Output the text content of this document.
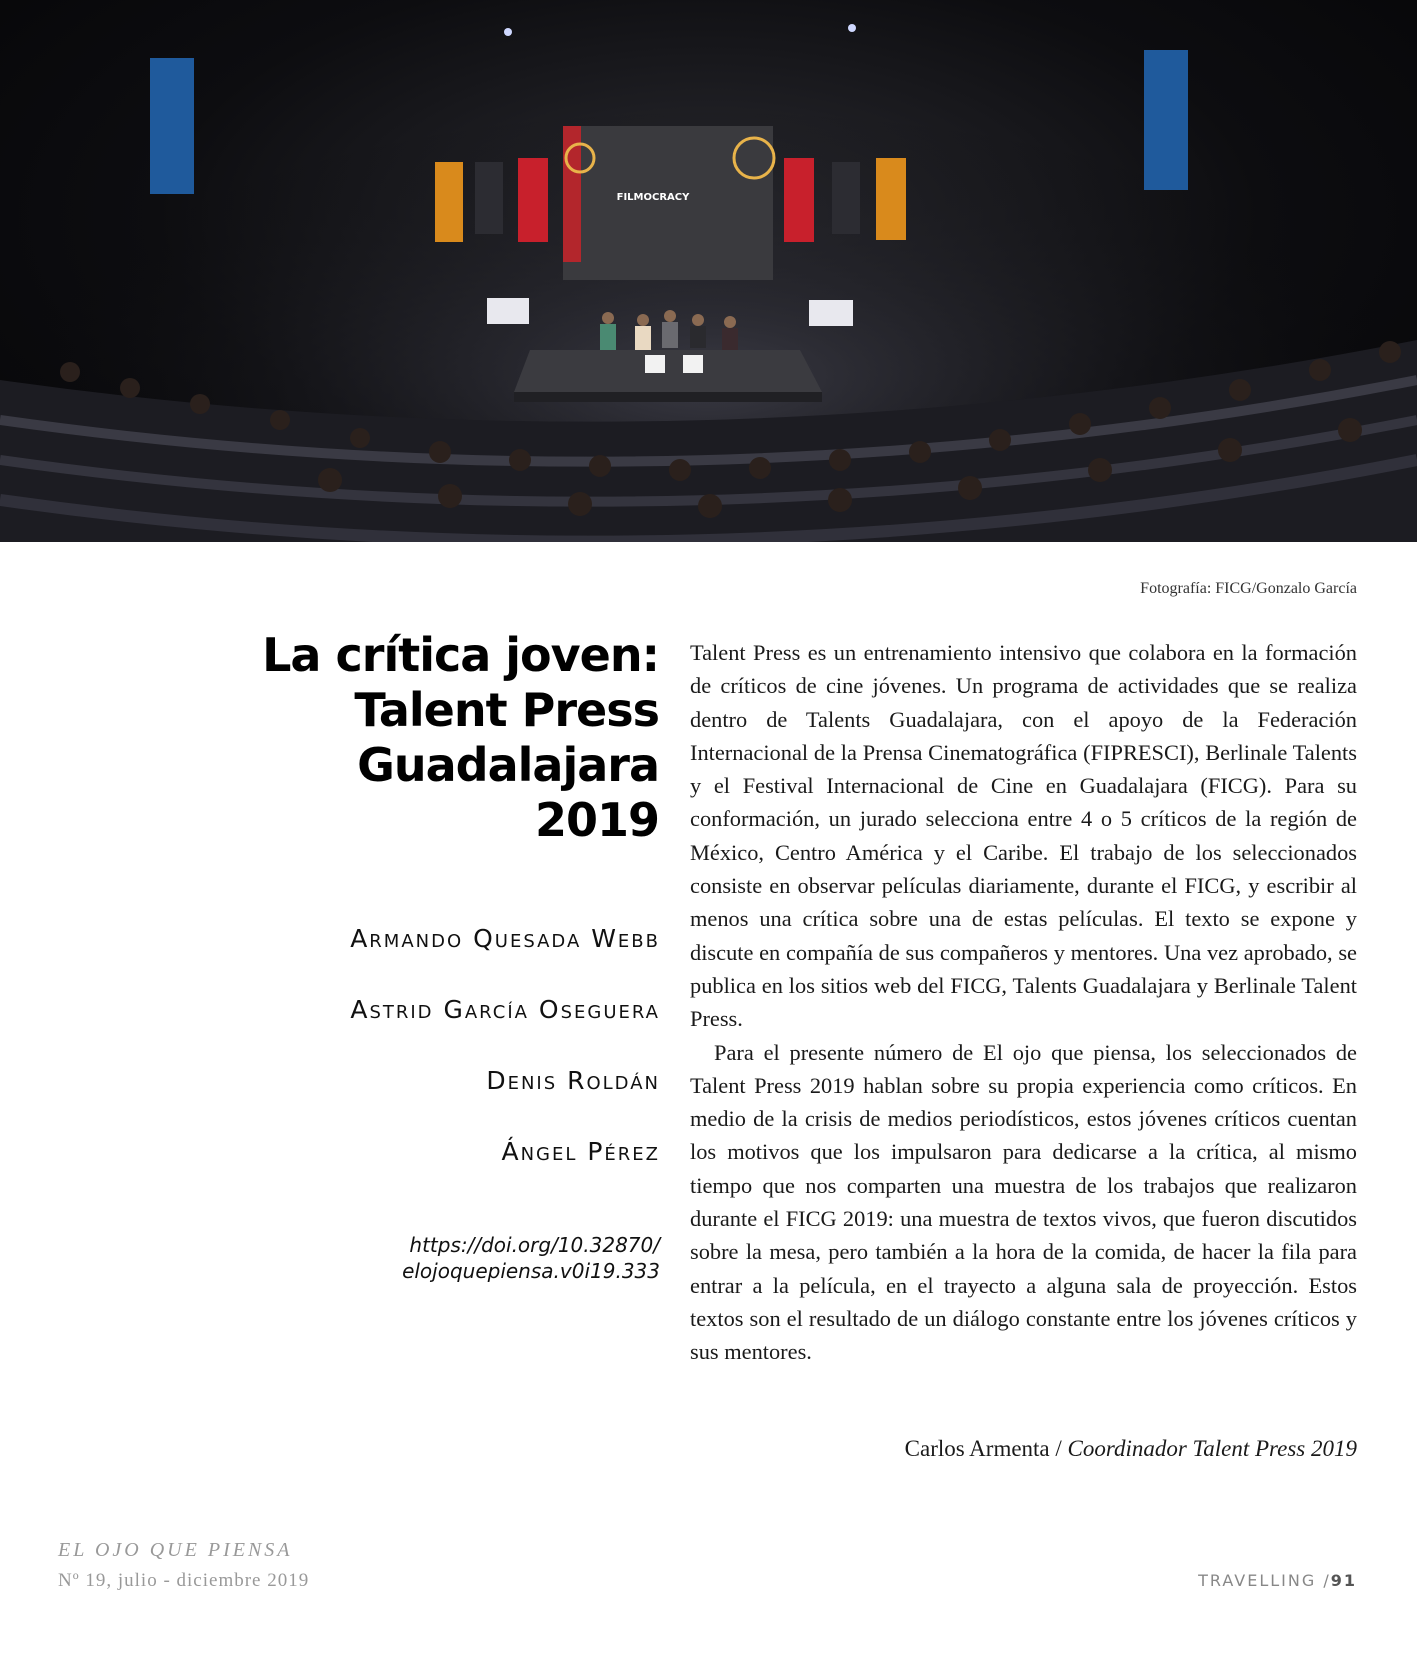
FILMOCRACY
Fotografía: FICG/Gonzalo García
La crítica joven:
Talent Press
Guadalajara
2019
Armando Quesada Webb
Astrid García Oseguera
Denis Roldán
Ángel Pérez
https://doi.org/10.32870/
elojoquepiensa.v0i19.333

Talent Press es un entrenamiento intensivo que colabora en la formación de críticos de cine jóvenes. Un programa de actividades que se realiza dentro de Talents Guadalajara, con el apoyo de la Federación Internacional de la Prensa Cinematográfica (FIPRESCI), Berlinale Talents y el Festival Internacional de Cine en Guadalajara (FICG). Para su conformación, un jurado selecciona entre 4 o 5 críticos de la región de México, Centro América y el Caribe. El trabajo de los seleccionados consiste en observar películas diariamente, durante el FICG, y escribir al menos una crítica sobre una de estas películas. El texto se expone y discute en compañía de sus compañeros y mentores. Una vez aprobado, se publica en los sitios web del FICG, Talents Guadalajara y Berlinale Talent Press.

Para el presente número de El ojo que piensa, los seleccionados de Talent Press 2019 hablan sobre su propia experiencia como críticos. En medio de la crisis de medios periodísticos, estos jóvenes críticos cuentan los motivos que los impulsaron para dedicarse a la crítica, al mismo tiempo que nos comparten una muestra de los trabajos que realizaron durante el FICG 2019: una muestra de textos vivos, que fueron discutidos sobre la mesa, pero también a la hora de la comida, de hacer la fila para entrar a la película, en el trayecto a alguna sala de proyección. Estos textos son el resultado de un diálogo constante entre los jóvenes críticos y sus mentores.

Carlos Armenta / Coordinador Talent Press 2019
EL OJO QUE PIENSA
Nº 19, julio - diciembre 2019	TRAVELLING /91
